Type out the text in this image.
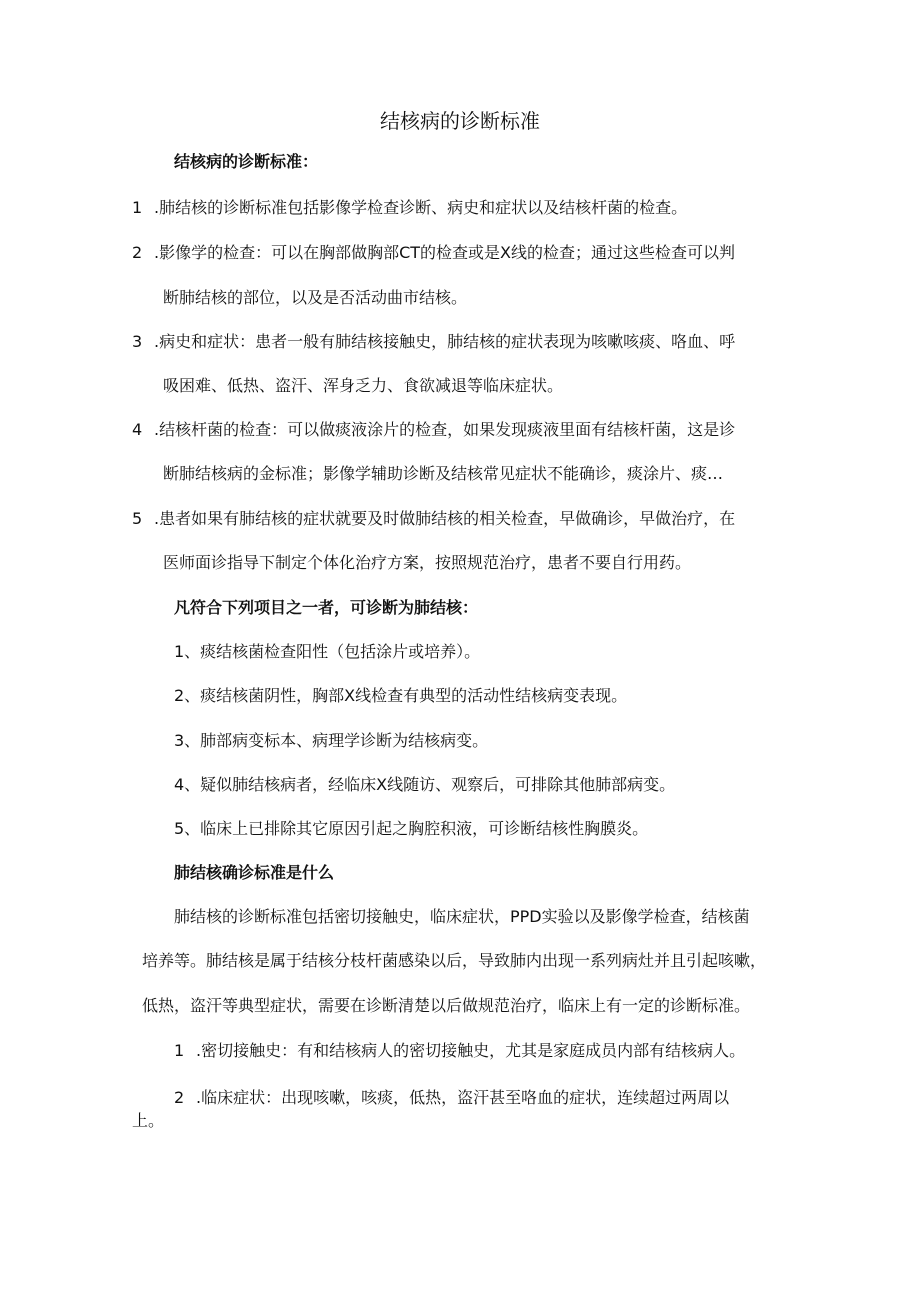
结核病的诊断标准
结核病的诊断标准：
1 .肺结核的诊断标准包括影像学检查诊断、病史和症状以及结核杆菌的检查。
2 .影像学的检查：可以在胸部做胸部CT的检查或是X线的检查；通过这些检查可以判
断肺结核的部位，以及是否活动曲市结核。
3 .病史和症状：患者一般有肺结核接触史，肺结核的症状表现为咳嗽咳痰、咯血、呼
吸困难、低热、盗汗、浑身乏力、食欲减退等临床症状。
4 .结核杆菌的检查：可以做痰液涂片的检查，如果发现痰液里面有结核杆菌，这是诊
断肺结核病的金标准；影像学辅助诊断及结核常见症状不能确诊，痰涂片、痰…
5 .患者如果有肺结核的症状就要及时做肺结核的相关检查，早做确诊，早做治疗，在
医师面诊指导下制定个体化治疗方案，按照规范治疗，患者不要自行用药。
凡符合下列项目之一者，可诊断为肺结核：
1、痰结核菌检查阳性（包括涂片或培养）。
2、痰结核菌阴性，胸部X线检查有典型的活动性结核病变表现。
3、肺部病变标本、病理学诊断为结核病变。
4、疑似肺结核病者，经临床X线随访、观察后，可排除其他肺部病变。
5、临床上已排除其它原因引起之胸腔积液，可诊断结核性胸膜炎。
肺结核确诊标准是什么
肺结核的诊断标准包括密切接触史，临床症状，PPD实验以及影像学检查，结核菌
培养等。肺结核是属于结核分枝杆菌感染以后，导致肺内出现一系列病灶并且引起咳嗽，
低热，盗汗等典型症状，需要在诊断清楚以后做规范治疗，临床上有一定的诊断标准。
1 .密切接触史：有和结核病人的密切接触史，尤其是家庭成员内部有结核病人。
2 .临床症状：出现咳嗽，咳痰，低热，盗汗甚至咯血的症状，连续超过两周以
上。
